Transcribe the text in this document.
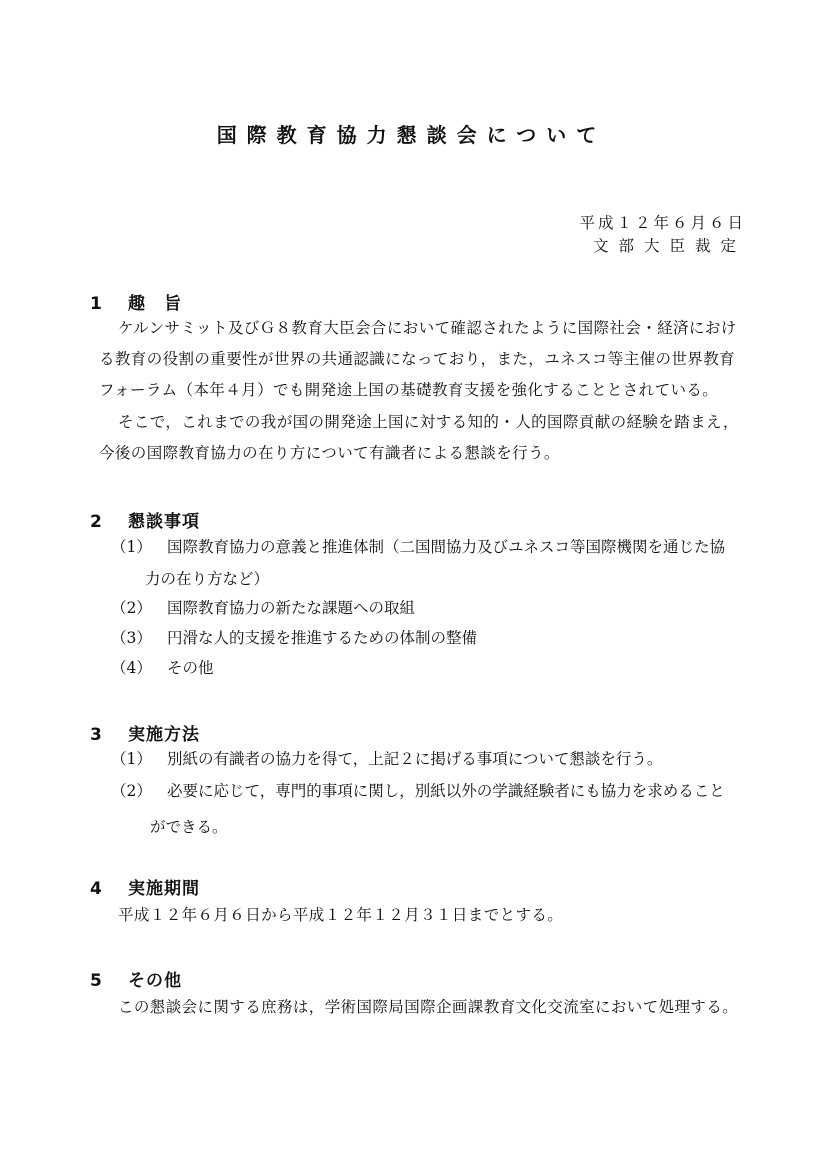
国際教育協力懇談会について
平成１２年６月６日
文部大臣裁定
1 趣　旨
ケルンサミット及びＧ８教育大臣会合において確認されたように国際社会・経済におけ
る教育の役割の重要性が世界の共通認識になっており，また，ユネスコ等主催の世界教育
フォーラム（本年４月）でも開発途上国の基礎教育支援を強化することとされている。
そこで，これまでの我が国の開発途上国に対する知的・人的国際貢献の経験を踏まえ，
今後の国際教育協力の在り方について有識者による懇談を行う。
2 懇談事項
（1） 国際教育協力の意義と推進体制（二国間協力及びユネスコ等国際機関を通じた協
力の在り方など）
（2） 国際教育協力の新たな課題への取組
（3） 円滑な人的支援を推進するための体制の整備
（4） その他
3 実施方法
（1） 別紙の有識者の協力を得て，上記２に掲げる事項について懇談を行う。
（2） 必要に応じて，専門的事項に関し，別紙以外の学識経験者にも協力を求めること
ができる。
4 実施期間
平成１２年６月６日から平成１２年１２月３１日までとする。
5 その他
この懇談会に関する庶務は，学術国際局国際企画課教育文化交流室において処理する。
